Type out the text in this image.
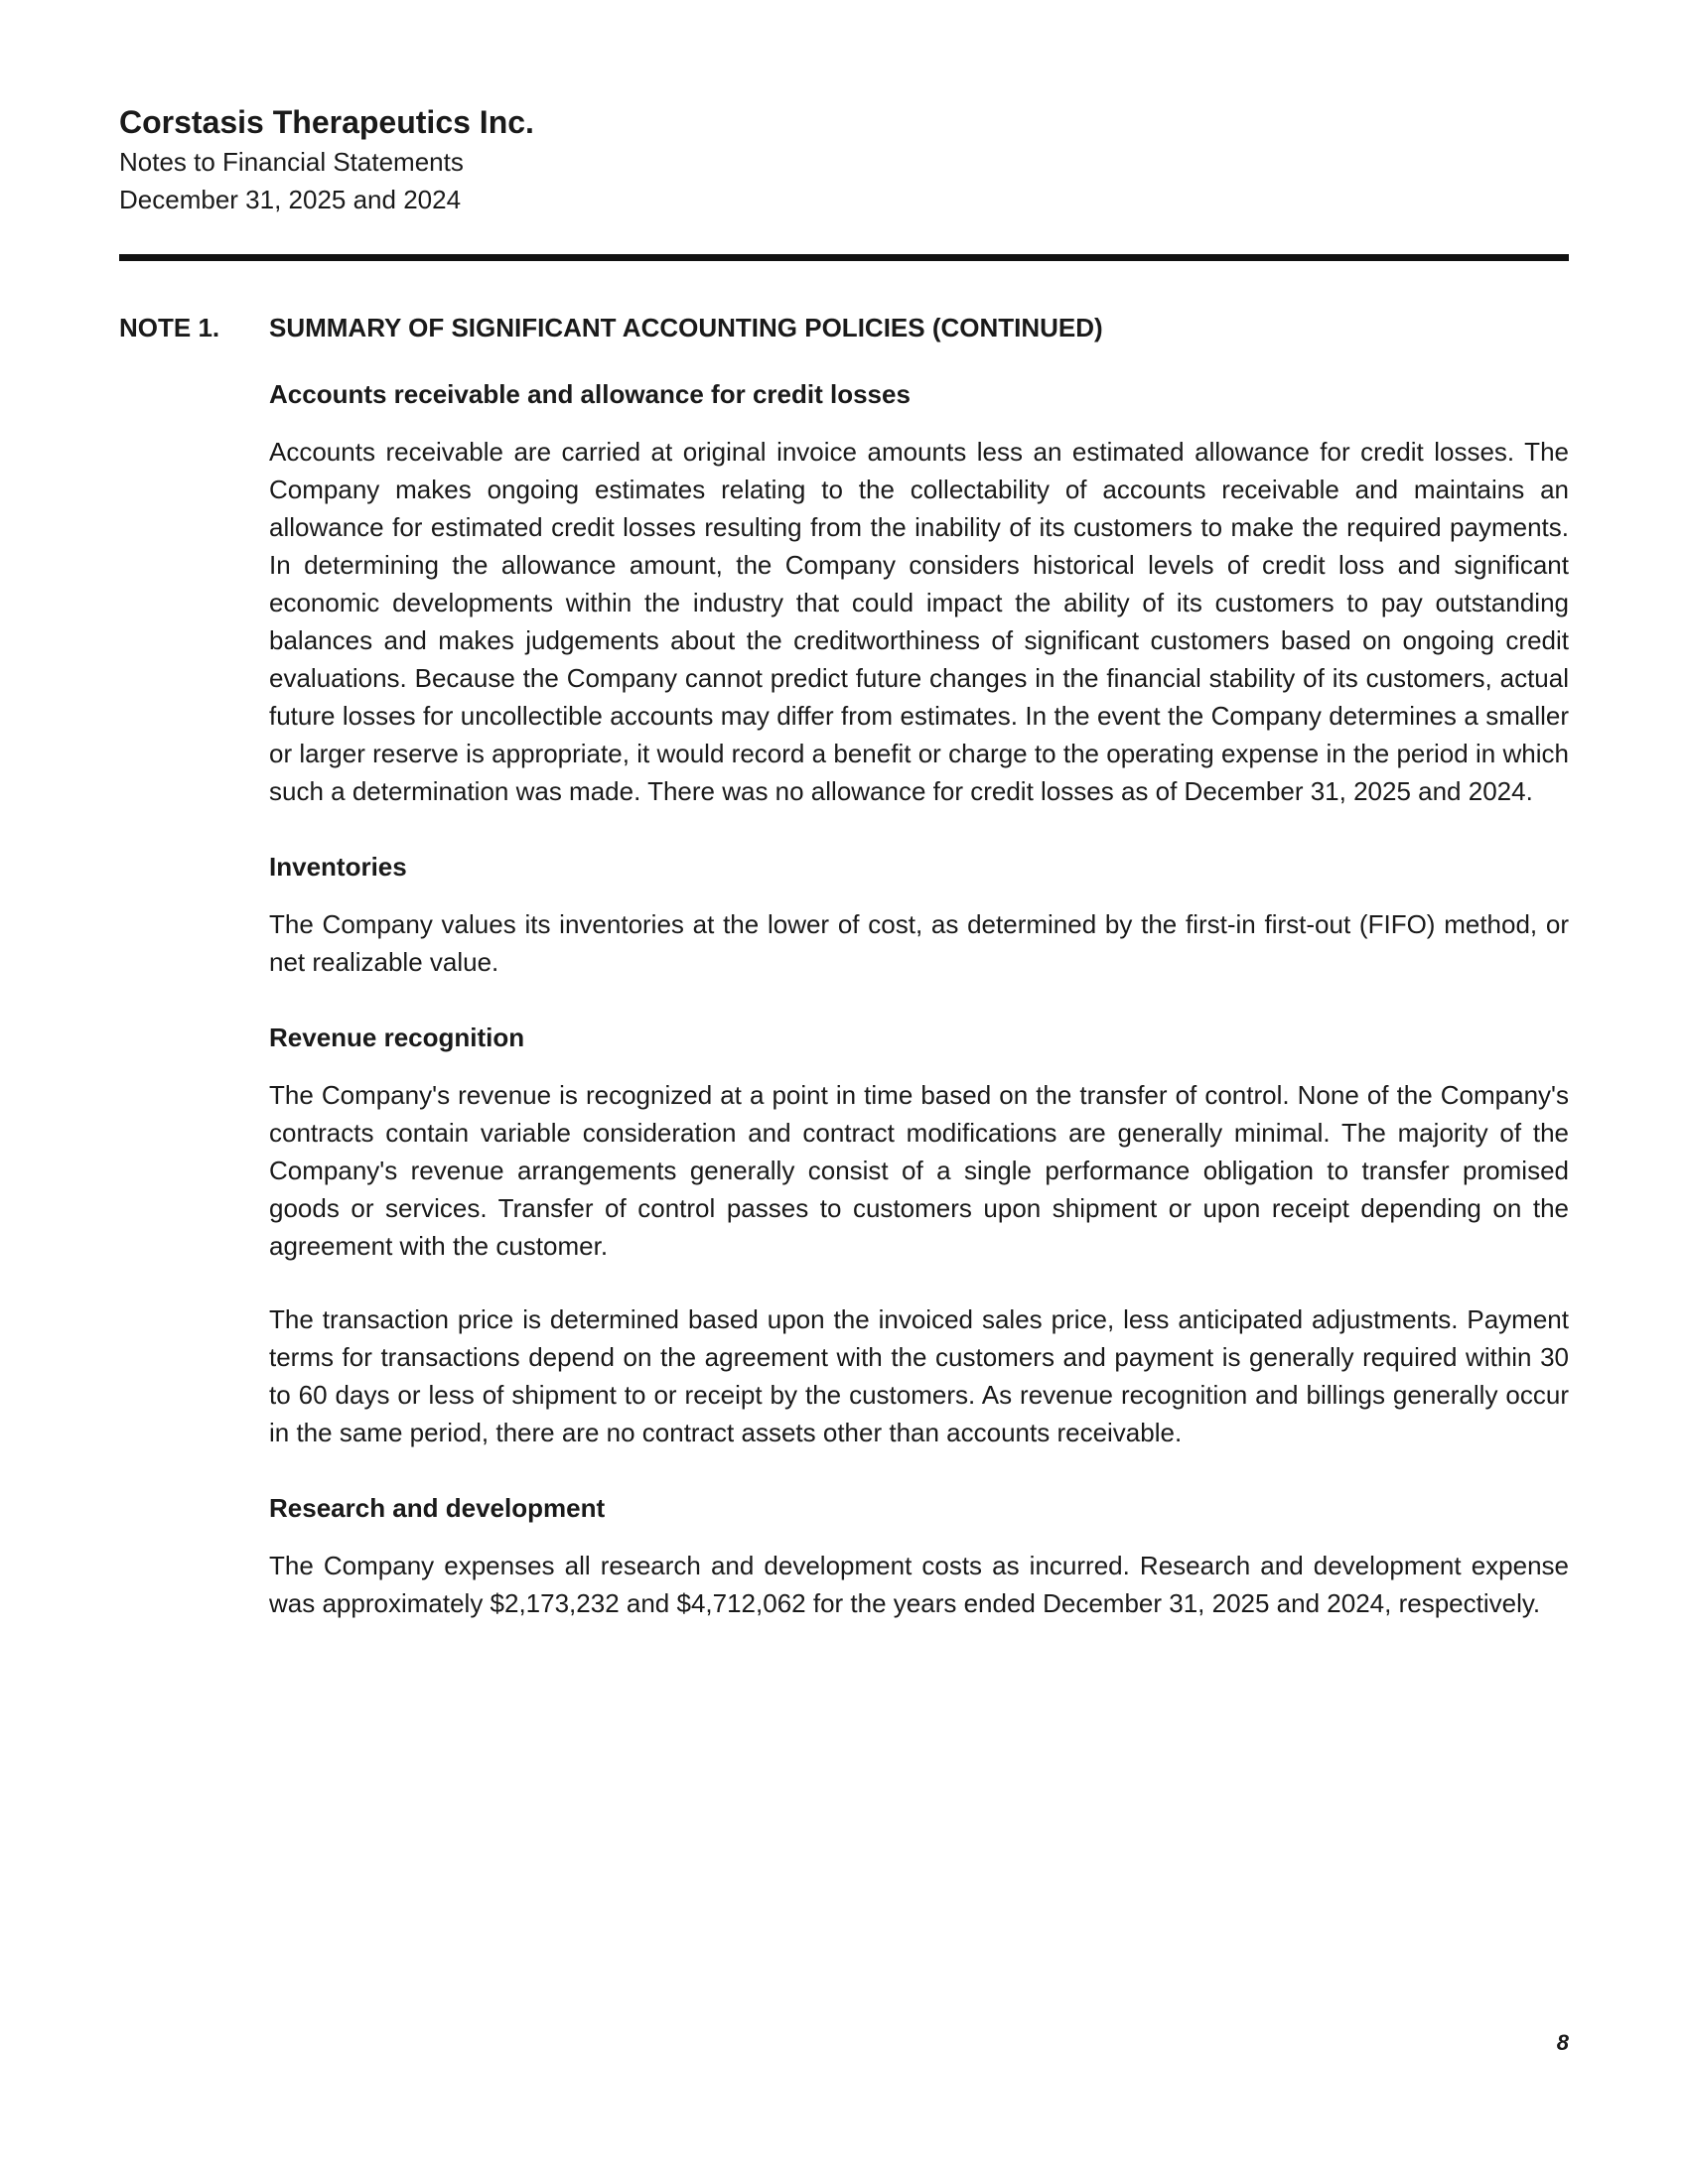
Corstasis Therapeutics Inc.

Notes to Financial Statements

December 31, 2025 and 2024

NOTE 1. SUMMARY OF SIGNIFICANT ACCOUNTING POLICIES (CONTINUED)

Accounts receivable and allowance for credit losses

Accounts receivable are carried at original invoice amounts less an estimated allowance for credit losses. The Company makes ongoing estimates relating to the collectability of accounts receivable and maintains an allowance for estimated credit losses resulting from the inability of its customers to make the required payments. In determining the allowance amount, the Company considers historical levels of credit loss and significant economic developments within the industry that could impact the ability of its customers to pay outstanding balances and makes judgements about the creditworthiness of significant customers based on ongoing credit evaluations. Because the Company cannot predict future changes in the financial stability of its customers, actual future losses for uncollectible accounts may differ from estimates. In the event the Company determines a smaller or larger reserve is appropriate, it would record a benefit or charge to the operating expense in the period in which such a determination was made. There was no allowance for credit losses as of December 31, 2025 and 2024.

Inventories

The Company values its inventories at the lower of cost, as determined by the first-in first-out (FIFO) method, or net realizable value.

Revenue recognition

The Company's revenue is recognized at a point in time based on the transfer of control. None of the Company's contracts contain variable consideration and contract modifications are generally minimal. The majority of the Company's revenue arrangements generally consist of a single performance obligation to transfer promised goods or services. Transfer of control passes to customers upon shipment or upon receipt depending on the agreement with the customer.

The transaction price is determined based upon the invoiced sales price, less anticipated adjustments. Payment terms for transactions depend on the agreement with the customers and payment is generally required within 30 to 60 days or less of shipment to or receipt by the customers. As revenue recognition and billings generally occur in the same period, there are no contract assets other than accounts receivable.

Research and development

The Company expenses all research and development costs as incurred. Research and development expense was approximately $2,173,232 and $4,712,062 for the years ended December 31, 2025 and 2024, respectively.

8
